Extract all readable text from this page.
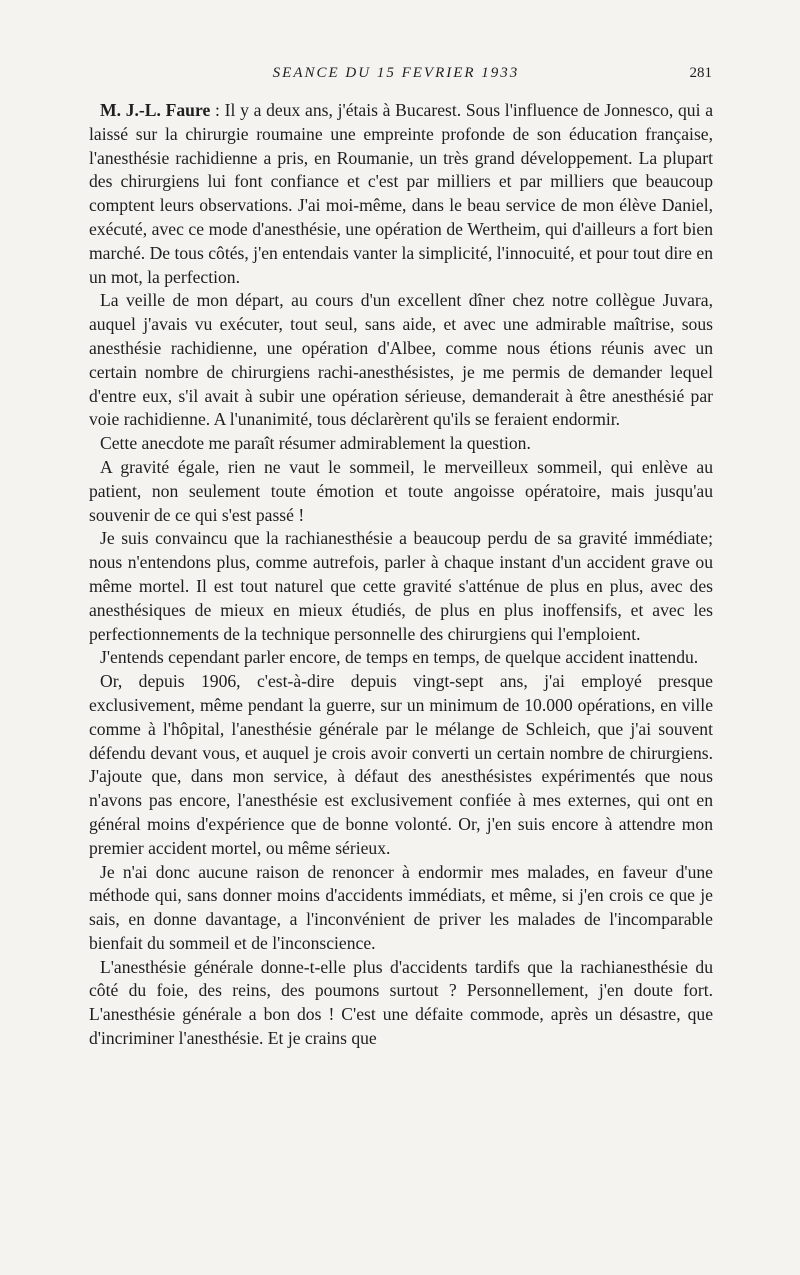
SEANCE DU 15 FEVRIER 1933	281

M. J.-L. Faure : Il y a deux ans, j'étais à Bucarest. Sous l'influence de Jonnesco, qui a laissé sur la chirurgie roumaine une empreinte profonde de son éducation française, l'anesthésie rachidienne a pris, en Roumanie, un très grand développement. La plupart des chirurgiens lui font confiance et c'est par milliers et par milliers que beaucoup comptent leurs observations. J'ai moi-même, dans le beau service de mon élève Daniel, exécuté, avec ce mode d'anesthésie, une opération de Wertheim, qui d'ailleurs a fort bien marché. De tous côtés, j'en entendais vanter la simplicité, l'innocuité, et pour tout dire en un mot, la perfection.

La veille de mon départ, au cours d'un excellent dîner chez notre collègue Juvara, auquel j'avais vu exécuter, tout seul, sans aide, et avec une admirable maîtrise, sous anesthésie rachidienne, une opération d'Albee, comme nous étions réunis avec un certain nombre de chirurgiens rachi-anesthésistes, je me permis de demander lequel d'entre eux, s'il avait à subir une opération sérieuse, demanderait à être anesthésié par voie rachidienne. A l'unanimité, tous déclarèrent qu'ils se feraient endormir.

Cette anecdote me paraît résumer admirablement la question.

A gravité égale, rien ne vaut le sommeil, le merveilleux sommeil, qui enlève au patient, non seulement toute émotion et toute angoisse opératoire, mais jusqu'au souvenir de ce qui s'est passé !

Je suis convaincu que la rachianesthésie a beaucoup perdu de sa gravité immédiate; nous n'entendons plus, comme autrefois, parler à chaque instant d'un accident grave ou même mortel. Il est tout naturel que cette gravité s'atténue de plus en plus, avec des anesthésiques de mieux en mieux étudiés, de plus en plus inoffensifs, et avec les perfectionnements de la technique personnelle des chirurgiens qui l'emploient.

J'entends cependant parler encore, de temps en temps, de quelque accident inattendu.

Or, depuis 1906, c'est-à-dire depuis vingt-sept ans, j'ai employé presque exclusivement, même pendant la guerre, sur un minimum de 10.000 opérations, en ville comme à l'hôpital, l'anesthésie générale par le mélange de Schleich, que j'ai souvent défendu devant vous, et auquel je crois avoir converti un certain nombre de chirurgiens. J'ajoute que, dans mon service, à défaut des anesthésistes expérimentés que nous n'avons pas encore, l'anesthésie est exclusivement confiée à mes externes, qui ont en général moins d'expérience que de bonne volonté. Or, j'en suis encore à attendre mon premier accident mortel, ou même sérieux.

Je n'ai donc aucune raison de renoncer à endormir mes malades, en faveur d'une méthode qui, sans donner moins d'accidents immédiats, et même, si j'en crois ce que je sais, en donne davantage, a l'inconvénient de priver les malades de l'incomparable bienfait du sommeil et de l'inconscience.

L'anesthésie générale donne-t-elle plus d'accidents tardifs que la rachianesthésie du côté du foie, des reins, des poumons surtout ? Personnellement, j'en doute fort. L'anesthésie générale a bon dos ! C'est une défaite commode, après un désastre, que d'incriminer l'anesthésie. Et je crains que
